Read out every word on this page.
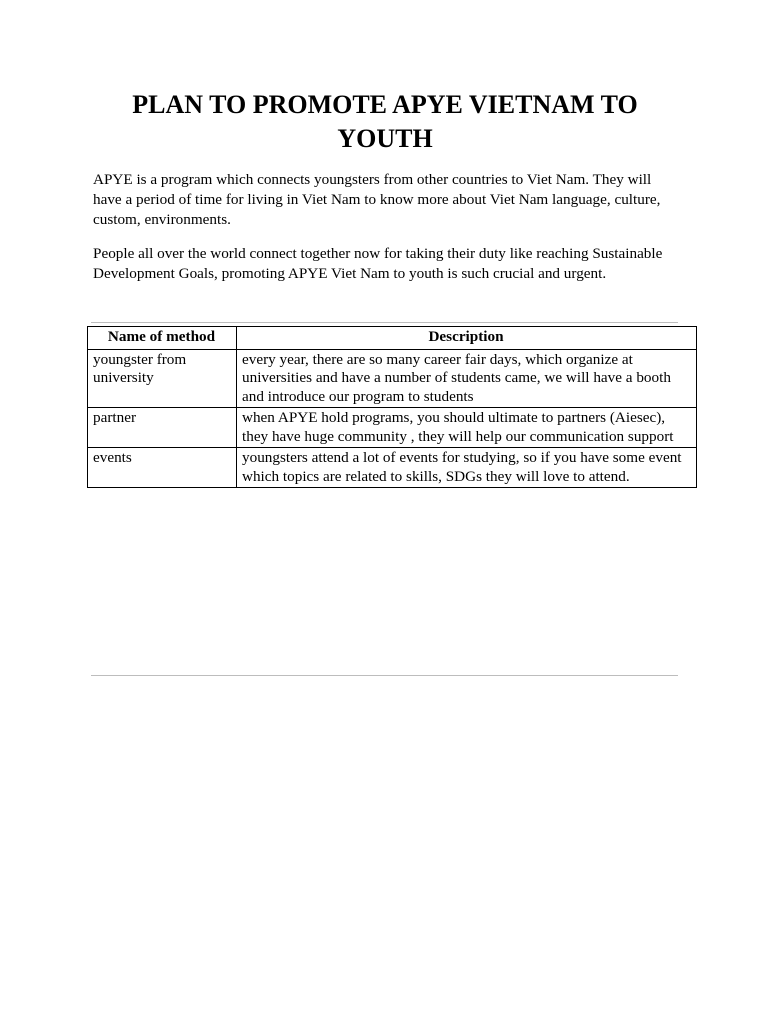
PLAN TO PROMOTE APYE VIETNAM TO YOUTH

APYE is a program which connects youngsters from other countries to Viet Nam. They will have a period of time for living in Viet Nam to know more about Viet Nam language, culture, custom, environments.

People all over the world connect together now for taking their duty like reaching Sustainable Development Goals, promoting APYE Viet Nam to youth is such crucial and urgent.

Name of method	Description
youngster from university	every year, there are so many career fair days, which organize at universities and have a number of students came, we will have a booth and introduce our program to students
partner	when APYE hold programs, you should ultimate to partners (Aiesec), they have huge community , they will help our communication support
events	youngsters attend a lot of events for studying, so if you have some event which topics are related to skills, SDGs they will love to attend.
